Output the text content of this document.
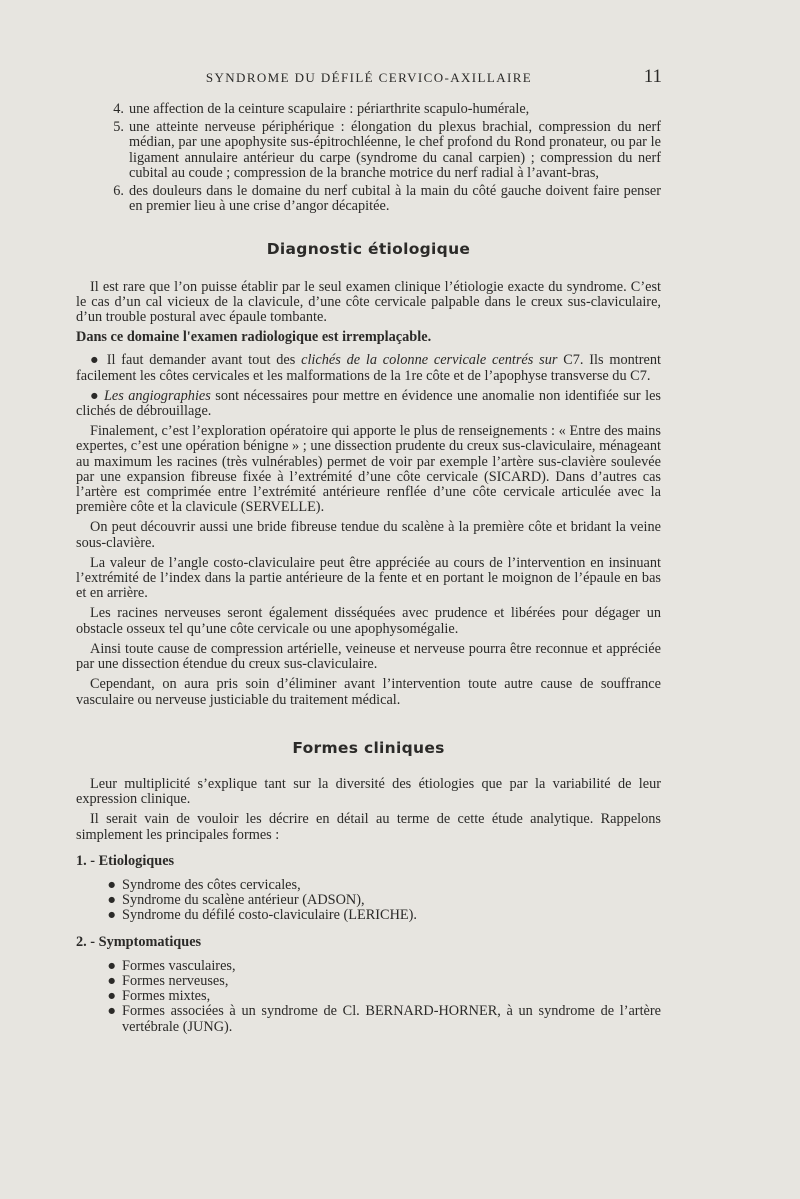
SYNDROME DU DÉFILÉ CERVICO-AXILLAIRE	11
4. une affection de la ceinture scapulaire : périarthrite scapulo-humérale,
5. une atteinte nerveuse périphérique : élongation du plexus brachial, compression du nerf médian, par une apophysite sus-épitrochléenne, le chef profond du Rond pronateur, ou par le ligament annulaire antérieur du carpe (syndrome du canal carpien) ; compression du nerf cubital au coude ; compression de la branche motrice du nerf radial à l’avant-bras,
6. des douleurs dans le domaine du nerf cubital à la main du côté gauche doivent faire penser en premier lieu à une crise d’angor décapitée.
Diagnostic étiologique

Il est rare que l’on puisse établir par le seul examen clinique l’étiologie exacte du syndrome. C’est le cas d’un cal vicieux de la clavicule, d’une côte cervicale palpable dans le creux sus-claviculaire, d’un trouble postural avec épaule tombante.

Dans ce domaine l'examen radiologique est irremplaçable.

● Il faut demander avant tout des clichés de la colonne cervicale centrés sur C7. Ils montrent facilement les côtes cervicales et les malformations de la 1re côte et de l’apophyse transverse du C7.

● Les angiographies sont nécessaires pour mettre en évidence une anomalie non identifiée sur les clichés de débrouillage.

Finalement, c’est l’exploration opératoire qui apporte le plus de renseignements : « Entre des mains expertes, c’est une opération bénigne » ; une dissection prudente du creux sus-claviculaire, ménageant au maximum les racines (très vulnérables) permet de voir par exemple l’artère sus-clavière soulevée par une expansion fibreuse fixée à l’extrémité d’une côte cervicale (SICARD). Dans d’autres cas l’artère est comprimée entre l’extrémité antérieure renflée d’une côte cervicale articulée avec la première côte et la clavicule (SERVELLE).

On peut découvrir aussi une bride fibreuse tendue du scalène à la première côte et bridant la veine sous-clavière.

La valeur de l’angle costo-claviculaire peut être appréciée au cours de l’intervention en insinuant l’extrémité de l’index dans la partie antérieure de la fente et en portant le moignon de l’épaule en bas et en arrière.

Les racines nerveuses seront également disséquées avec prudence et libérées pour dégager un obstacle osseux tel qu’une côte cervicale ou une apophysomégalie.

Ainsi toute cause de compression artérielle, veineuse et nerveuse pourra être reconnue et appréciée par une dissection étendue du creux sus-claviculaire.

Cependant, on aura pris soin d’éliminer avant l’intervention toute autre cause de souffrance vasculaire ou nerveuse justiciable du traitement médical.

Formes cliniques

Leur multiplicité s’explique tant sur la diversité des étiologies que par la variabilité de leur expression clinique.

Il serait vain de vouloir les décrire en détail au terme de cette étude analytique. Rappelons simplement les principales formes :

1. - Etiologiques

● Syndrome des côtes cervicales,
● Syndrome du scalène antérieur (ADSON),
● Syndrome du défilé costo-claviculaire (LERICHE).

2. - Symptomatiques

● Formes vasculaires,
● Formes nerveuses,
● Formes mixtes,
● Formes associées à un syndrome de Cl. BERNARD-HORNER, à un syndrome de l’artère vertébrale (JUNG).
